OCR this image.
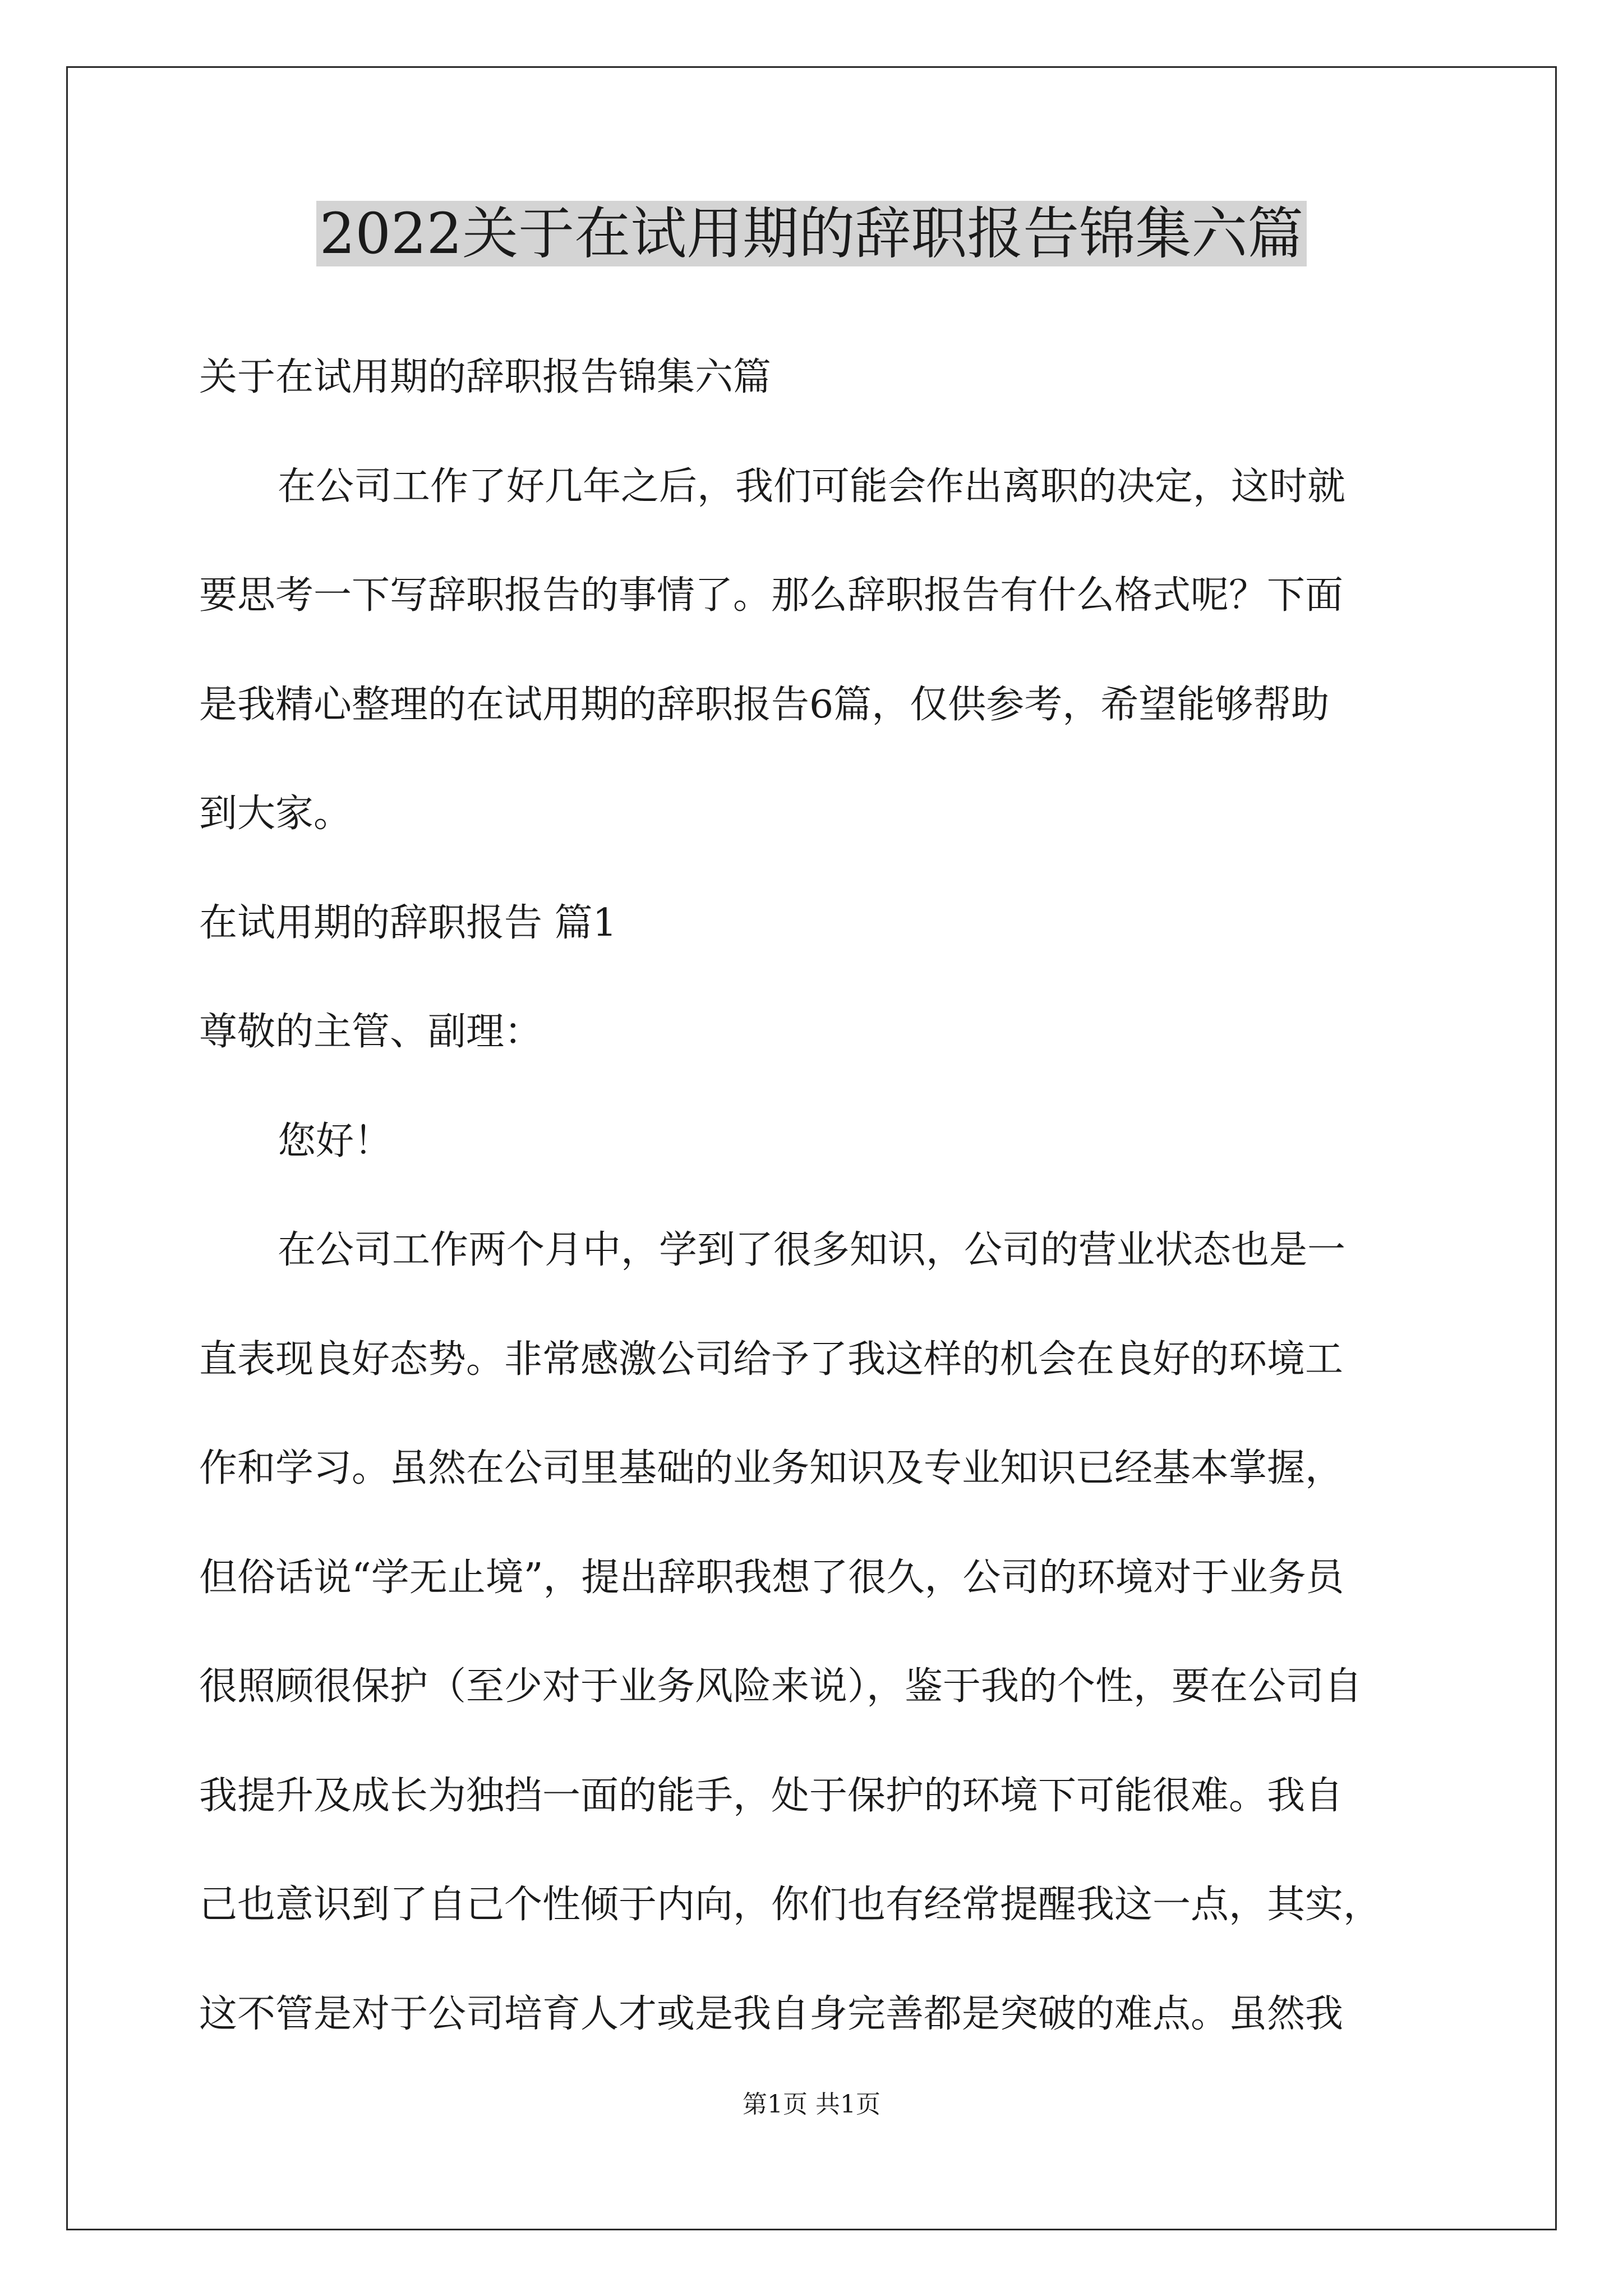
2022关于在试用期的辞职报告锦集六篇
关于在试用期的辞职报告锦集六篇
在公司工作了好几年之后，我们可能会作出离职的决定，这时就
要思考一下写辞职报告的事情了。那么辞职报告有什么格式呢？下面
是我精心整理的在试用期的辞职报告6篇，仅供参考，希望能够帮助
到大家。
在试用期的辞职报告 篇1
尊敬的主管、副理：
您好！
在公司工作两个月中，学到了很多知识，公司的营业状态也是一
直表现良好态势。非常感激公司给予了我这样的机会在良好的环境工
作和学习。虽然在公司里基础的业务知识及专业知识已经基本掌握，
但俗话说“学无止境”，提出辞职我想了很久，公司的环境对于业务员
很照顾很保护（至少对于业务风险来说），鉴于我的个性，要在公司自
我提升及成长为独挡一面的能手，处于保护的环境下可能很难。我自
己也意识到了自己个性倾于内向，你们也有经常提醒我这一点，其实，
这不管是对于公司培育人才或是我自身完善都是突破的难点。虽然我
第1页 共1页
